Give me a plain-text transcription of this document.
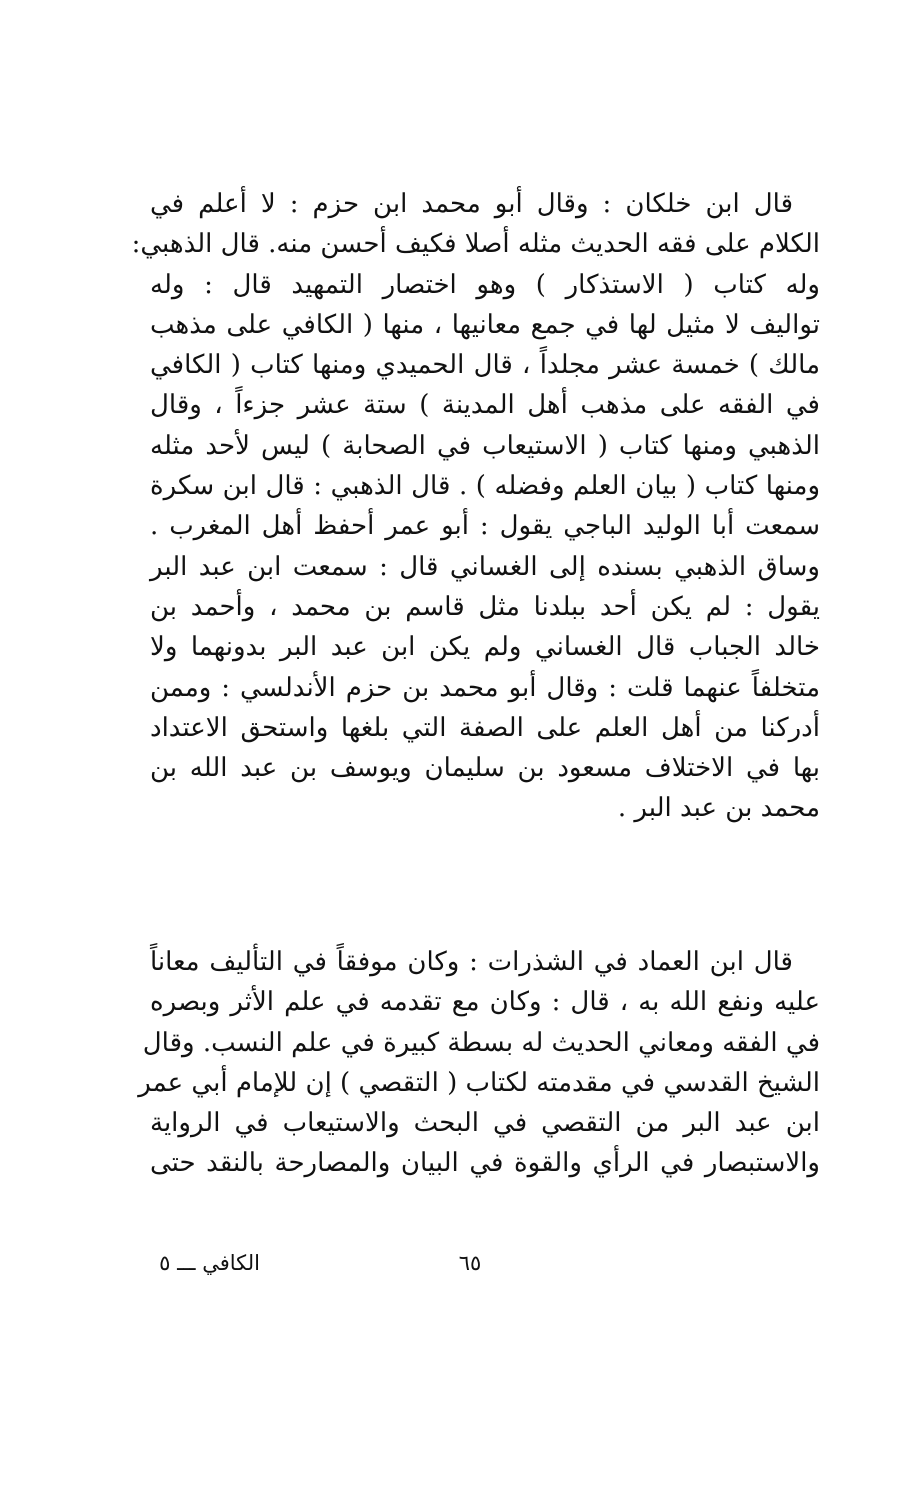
قال ابن خلكان : وقال أبو محمد ابن حزم : لا أعلم في
الكلام على فقه الحديث مثله أصلا فكيف أحسن منه. قال الذهبي:
وله كتاب ( الاستذكار ) وهو اختصار التمهيد قال : وله
تواليف لا مثيل لها في جمع معانيها ، منها ( الكافي على مذهب
مالك ) خمسة عشر مجلداً ، قال الحميدي ومنها كتاب ( الكافي
في الفقه على مذهب أهل المدينة ) ستة عشر جزءاً ، وقال
الذهبي ومنها كتاب ( الاستيعاب في الصحابة ) ليس لأحد مثله
ومنها كتاب ( بيان العلم وفضله ) . قال الذهبي : قال ابن سكرة
سمعت أبا الوليد الباجي يقول : أبو عمر أحفظ أهل المغرب .
وساق الذهبي بسنده إلى الغساني قال : سمعت ابن عبد البر
يقول : لم يكن أحد ببلدنا مثل قاسم بن محمد ، وأحمد بن
خالد الجباب قال الغساني ولم يكن ابن عبد البر بدونهما ولا
متخلفاً عنهما قلت : وقال أبو محمد بن حزم الأندلسي : وممن
أدركنا من أهل العلم على الصفة التي بلغها واستحق الاعتداد
بها في الاختلاف مسعود بن سليمان ويوسف بن عبد الله بن
محمد بن عبد البر .
قال ابن العماد في الشذرات : وكان موفقاً في التأليف معاناً
عليه ونفع الله به ، قال : وكان مع تقدمه في علم الأثر وبصره
في الفقه ومعاني الحديث له بسطة كبيرة في علم النسب. وقال
الشيخ القدسي في مقدمته لكتاب ( التقصي ) إن للإمام أبي عمر
ابن عبد البر من التقصي في البحث والاستيعاب في الرواية
والاستبصار في الرأي والقوة في البيان والمصارحة بالنقد حتى
٦٥
الكافي ـــ ٥
